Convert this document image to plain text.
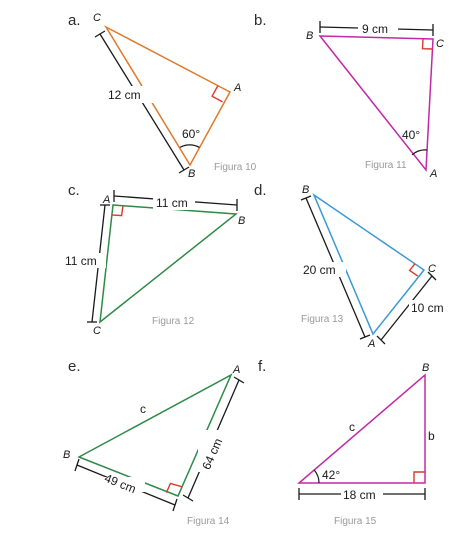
a.
12 cm
60°
C
A
B
Figura 10
b.	9 cm
40°
B
C
A
Figura 11
c.
11 cm
11 cm
A
B
C
Figura 12
d.
20 cm
10 cm
B
C
A
Figura 13
e.
49 cm
64 cm
c
A
B
Figura 14
f.
18 cm
42°
c
b
B
Figura 15
